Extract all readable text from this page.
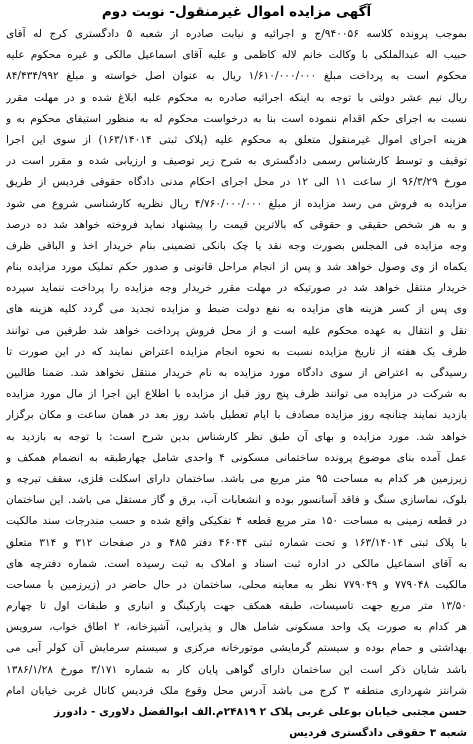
آگهی مزایده اموال غیرمنقول- نوبت دوم
بموجب پرونده کلاسه ۹۴۰۰۵۶/ج و اجرائیه و نیابت صادره از شعبه ۵ دادگستری کرج له آقای
حبیب اله عبدالملکی با وکالت خانم لاله کاظمی و علیه آقای اسماعیل مالکی و غیره محکوم علیه
محکوم است به پرداخت مبلغ ۱/۶۱۰/۰۰۰/۰۰۰ ریال به عنوان اصل خواسته و مبلغ ۸۴/۴۳۴/۹۹۲
ریال نیم عشر دولتی با توجه به اینکه اجرائیه صادره به محکوم علیه ابلاغ شده و در مهلت مقرر
نسبت به اجرای حکم اقدام ننموده است بنا به درخواست محکوم له به منظور استیفای محکوم به و
هزینه اجرای اموال غیرمنقول متعلق به محکوم علیه (پلاک ثبتی ۱۶۳/۱۴۰۱۴) از سوی این اجرا
توقیف و توسط کارشناس رسمی دادگستری به شرح زیر توصیف و ارزیابی شده و مقرر است در
مورخ ۹۶/۳/۲۹ از ساعت ۱۱ الی ۱۲ در محل اجرای احکام مدنی دادگاه حقوقی فردیس از طریق
مزایده به فروش می رسد مزایده از مبلغ ۴/۷۶۰/۰۰۰/۰۰۰ ریال نظریه کارشناسی شروع می شود
و به هر شخص حقیقی و حقوقی که بالاترین قیمت را پیشنهاد نماید فروخته خواهد شد ده درصد
وجه مزایده فی المجلس بصورت وجه نقد یا چک بانکی تضمینی بنام خریدار اخذ و الباقی ظرف
یکماه از وی وصول خواهد شد و پس از انجام مراحل قانونی و صدور حکم تملیک مورد مزایده بنام
خریدار منتقل خواهد شد در صورتیکه در مهلت مقرر خریدار وجه مزایده را پرداخت ننماید سپرده
وی پس از کسر هزینه های مزایده به نفع دولت ضبط و مزایده تجدید می گردد کلیه هزینه های
نقل و انتقال به عهده محکوم علیه است و از محل فروش پرداخت خواهد شد طرفین می توانند
ظرف یک هفته از تاریخ مزایده نسبت به نحوه انجام مزایده اعتراض نمایند که در این صورت تا
رسیدگی به اعتراض از سوی دادگاه مورد مزایده به نام خریدار منتقل نخواهد شد. ضمنا طالبین
به شرکت در مزایده می توانند ظرف پنج روز قبل از مزایده با اطلاع این اجرا از مال مورد مزایده
بازدید نمایند چنانچه روز مزایده مصادف با ایام تعطیل باشد روز بعد در همان ساعت و مکان برگزار
خواهد شد. مورد مزایده و بهای آن طبق نظر کارشناس بدین شرح است: با توجه به بازدید به
عمل آمده بنای موضوع پرونده ساختمانی مسکونی ۴ واحدی شامل چهارطبقه به انضمام همکف و
زیرزمین هر کدام به مساحت ۹۵ متر مربع می باشد. ساختمان دارای اسکلت فلزی، سقف تیرچه و
بلوک، نماسازی سنگ و فاقد آسانسور بوده و انشعابات آب، برق و گاز مستقل می باشد. این ساختمان
در قطعه زمینی به مساحت ۱۵۰ متر مربع قطعه ۴ تفکیکی واقع شده و حسب مندرجات سند مالکیت
با پلاک ثبتی ۱۶۳/۱۴۰۱۴ و تحت شماره ثبتی ۴۶۰۴۴ دفتر ۴۸۵ و در صفحات ۳۱۲ و ۳۱۴ متعلق
به آقای اسماعیل مالکی در اداره ثبت اسناد و املاک به ثبت رسیده است. شماره دفترچه های
مالکیت ۷۷۹۰۴۸ و ۷۷۹۰۴۹ نظر به معاینه محلی، ساختمان در حال حاضر در (زیرزمین با مساحت
۱۳/۵۰ متر مربع جهت تاسیسات، طبقه همکف جهت پارکینگ و انباری و طبقات اول تا چهارم
هر کدام به صورت یک واحد مسکونی شامل هال و پذیرایی، آشپزخانه، ۲ اطاق خواب، سرویس
بهداشتی و حمام بوده و سیستم گرمایشی موتورخانه مرکزی و سیستم سرمایش آن کولر آبی می
باشد شایان ذکر است این ساختمان دارای گواهی پایان کار به شماره ۳/۱۷۱ مورخ ۱۳۸۶/۱/۲۸
شرانتز شهرداری منطقه ۳ کرج می باشد آدرس محل وقوع ملک فردیس کانال غربی خیابان امام
حسن مجتبی خیابان بوعلی غربی پلاک ۲ ۲۴۸۱۹م.الف ابوالفضل دلاوری - دادورز
شعبه ۳ حقوقی دادگستری فردیس
